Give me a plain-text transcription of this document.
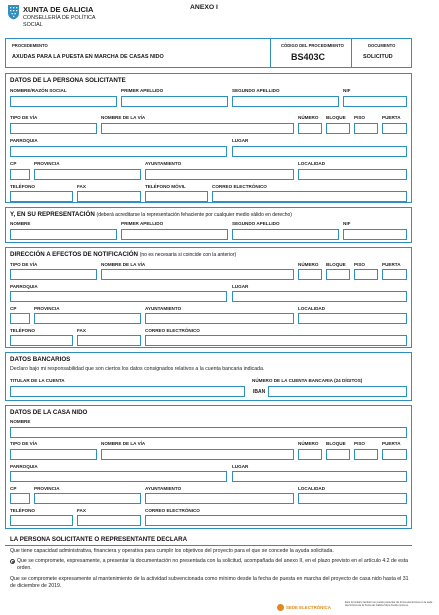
XUNTA DE GALICIA
CONSELLERÍA DE POLÍTICA
SOCIAL
ANEXO I
PROCEDEMENTO
AXUDAS PARA LA PUESTA EN MARCHA DE CASAS NIDO
CÓDIGO DEL PROCEDIMIENTO
BS403C
DOCUMENTO
SOLICITUD
DATOS DE LA PERSONA SOLICITANTE
NOMBRE/RAZÓN SOCIAL	PRIMER APELLIDO	SEGUNDO APELLIDO	NIF
TIPO DE VÍA	NOMBRE DE LA VÍA	NÚMERO BLOQUE PISO	PUERTA
PARROQUIA	LUGAR
CP	PROVINCIA	AYUNTAMIENTO	LOCALIDAD
TELÉFONO	FAX	TELÉFONO MÓVIL	CORREO ELECTRÓNICO
Y, EN SU REPRESENTACIÓN (deberá acreditarse la representación fehaciente por cualquier medio válido en derecho)
NOMBRE	PRIMER APELLIDO	SEGUNDO APELLIDO	NIF
DIRECCIÓN A EFECTOS DE NOTIFICACIÓN (no es necesaria si coincide con la anterior)
TIPO DE VÍA	NOMBRE DE LA VÍA	NÚMERO BLOQUE PISO	PUERTA
PARROQUIA	LUGAR
CP	PROVINCIA	AYUNTAMIENTO	LOCALIDAD
TELÉFONO	FAX	CORREO ELECTRÓNICO
DATOS BANCARIOS
Declaro bajo mi responsabilidad que son ciertos los datos consignados relativos a la cuenta bancaria indicada.
TITULAR DE LA CUENTA	NÚMERO DE LA CUENTA BANCARIA (24 DÍGITOS)
IBAN
DATOS DE LA CASA NIDO
NOMBRE
TIPO DE VÍA	NOMBRE DE LA VÍA	NÚMERO BLOQUE PISO	PUERTA
PARROQUIA	LUGAR
CP	PROVINCIA	AYUNTAMIENTO	LOCALIDAD
TELÉFONO	FAX	CORREO ELECTRÓNICO
LA PERSONA SOLICITANTE O REPRESENTANTE DECLARA
Que tiene capacidad administrativa, financiera y operativa para cumplir los objetivos del proyecto para el que se concede la ayuda solicitada.
Que se compromete, expresamente, a presentar la documentación no presentada con la solicitud, acompañada del anexo II, en el plazo previsto en el artículo 4.2 de esta orden.
Que se compromete expresamente al mantenimiento de la actividad subvencionada como mínimo desde la fecha de puesta en marcha del proyecto de casa nido hasta el 31 de diciembre de 2019.
SEDE ELECTRÓNICA
Este formulario también se puede presentar de forma electrónica en la sede electrónica de la Xunta de Galicia https://sede.xunta.es
